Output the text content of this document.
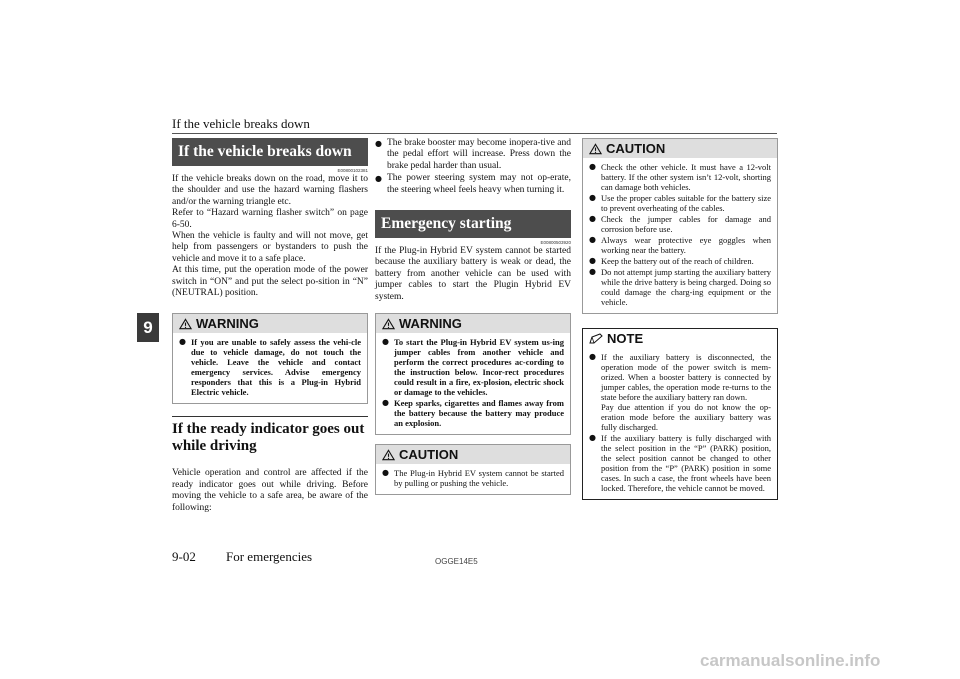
If the vehicle breaks down
9
If the vehicle breaks down
E00800102381

If the vehicle breaks down on the road, move it to the shoulder and use the hazard warning flashers and/or the warning triangle etc.

Refer to “Hazard warning flasher switch” on page 6-50.

When the vehicle is faulty and will not move, get help from passengers or bystanders to push the vehicle and move it to a safe place.

At this time, put the operation mode of the power switch in “ON” and put the select po-sition in “N” (NEUTRAL) position.

WARNING
● If you are unable to safely assess the vehi-cle due to vehicle damage, do not touch the vehicle. Leave the vehicle and contact emergency services. Advise emergency responders that this is a Plug-in Hybrid Electric vehicle.
If the ready indicator goes out while driving
Vehicle operation and control are affected if the ready indicator goes out while driving. Before moving the vehicle to a safe area, be aware of the following:
● The brake booster may become inopera-tive and the pedal effort will increase. Press down the brake pedal harder than usual.
● The power steering system may not op-erate, the steering wheel feels heavy when turning it.
Emergency starting
E00800503920
If the Plug-in Hybrid EV system cannot be started because the auxiliary battery is weak or dead, the battery from another vehicle can be used with jumper cables to start the Plugin Hybrid EV system.
WARNING
● To start the Plug-in Hybrid EV system us-ing jumper cables from another vehicle and perform the correct procedures ac-cording to the instruction below. Incor-rect procedures could result in a fire, ex-plosion, electric shock or damage to the vehicles.
● Keep sparks, cigarettes and flames away from the battery because the battery may produce an explosion.
CAUTION
● The Plug-in Hybrid EV system cannot be started by pulling or pushing the vehicle.
CAUTION
● Check the other vehicle. It must have a 12-volt battery. If the other system isn’t 12-volt, shorting can damage both vehicles.
● Use the proper cables suitable for the battery size to prevent overheating of the cables.
● Check the jumper cables for damage and corrosion before use.
● Always wear protective eye goggles when working near the battery.
● Keep the battery out of the reach of children.
● Do not attempt jump starting the auxiliary battery while the drive battery is being charged. Doing so could damage the charg-ing equipment or the vehicle.
NOTE
● If the auxiliary battery is disconnected, the operation mode of the power switch is mem-orized. When a booster battery is connected by jumper cables, the operation mode re-turns to the state before the auxiliary battery ran down.
Pay due attention if you do not know the op-eration mode before the auxiliary battery was fully discharged.
● If the auxiliary battery is fully discharged with the select position in the “P” (PARK) position, the select position cannot be changed to other position from the “P” (PARK) position in some cases. In such a case, the front wheels have been locked. Therefore, the vehicle cannot be moved.
9-02 For emergencies	OGGE14E5
carmanualsonline.info
